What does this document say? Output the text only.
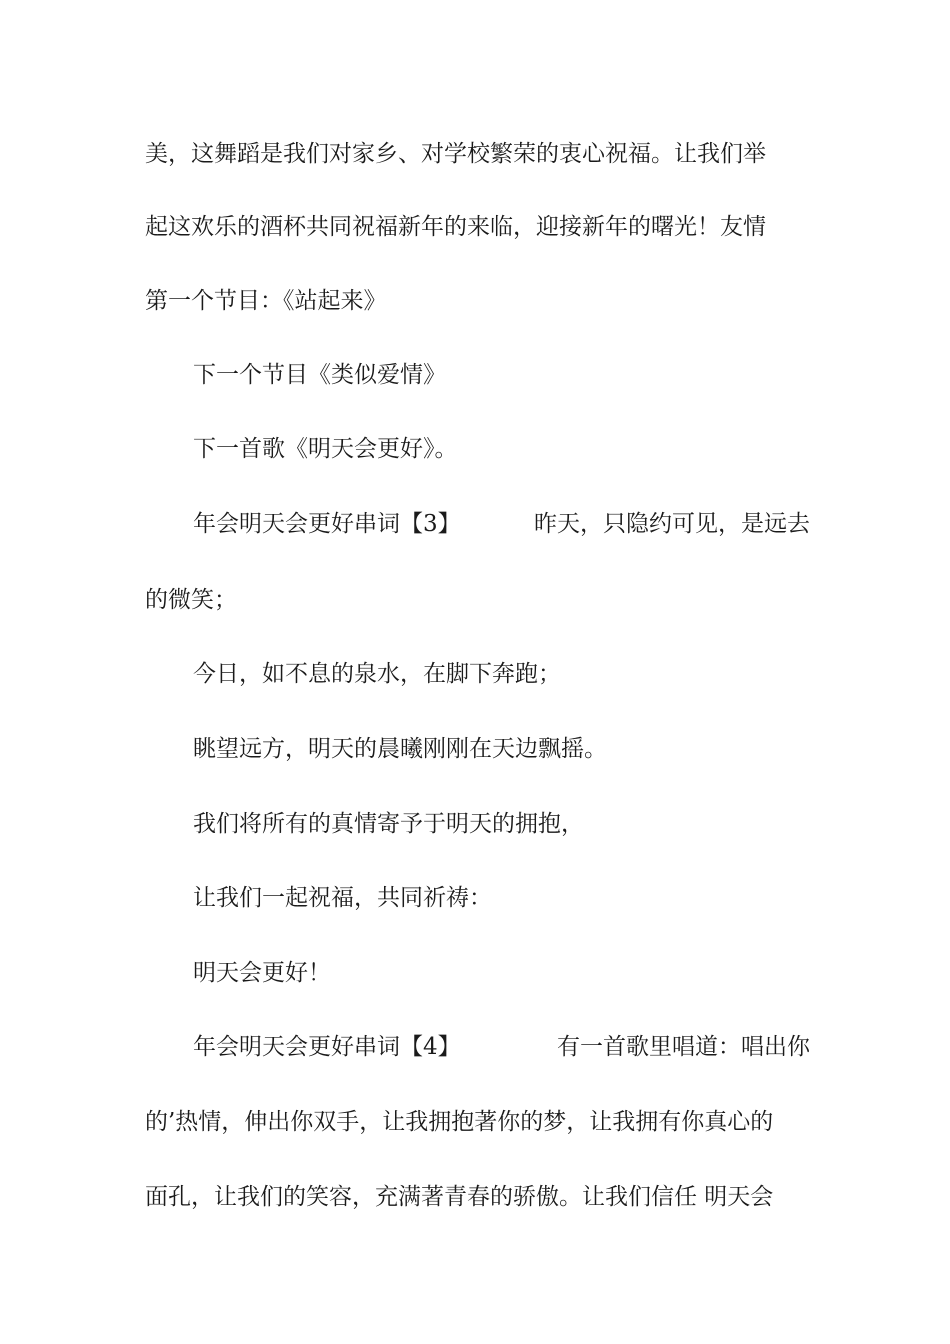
美，这舞蹈是我们对家乡、对学校繁荣的衷心祝福。让我们举
起这欢乐的酒杯共同祝福新年的来临，迎接新年的曙光！友情
第一个节目：《站起来》
下一个节目《类似爱情》
下一首歌《明天会更好》。
年会明天会更好串词【3】	昨天，只隐约可见，是远去
的微笑；
今日，如不息的泉水，在脚下奔跑；
眺望远方，明天的晨曦刚刚在天边飘摇。
我们将所有的真情寄予于明天的拥抱，
让我们一起祝福，共同祈祷：
明天会更好！
年会明天会更好串词【4】	有一首歌里唱道：唱出你
的’热情，伸出你双手，让我拥抱著你的梦，让我拥有你真心的
面孔，让我们的笑容，充满著青春的骄傲。让我们信任 明天会
